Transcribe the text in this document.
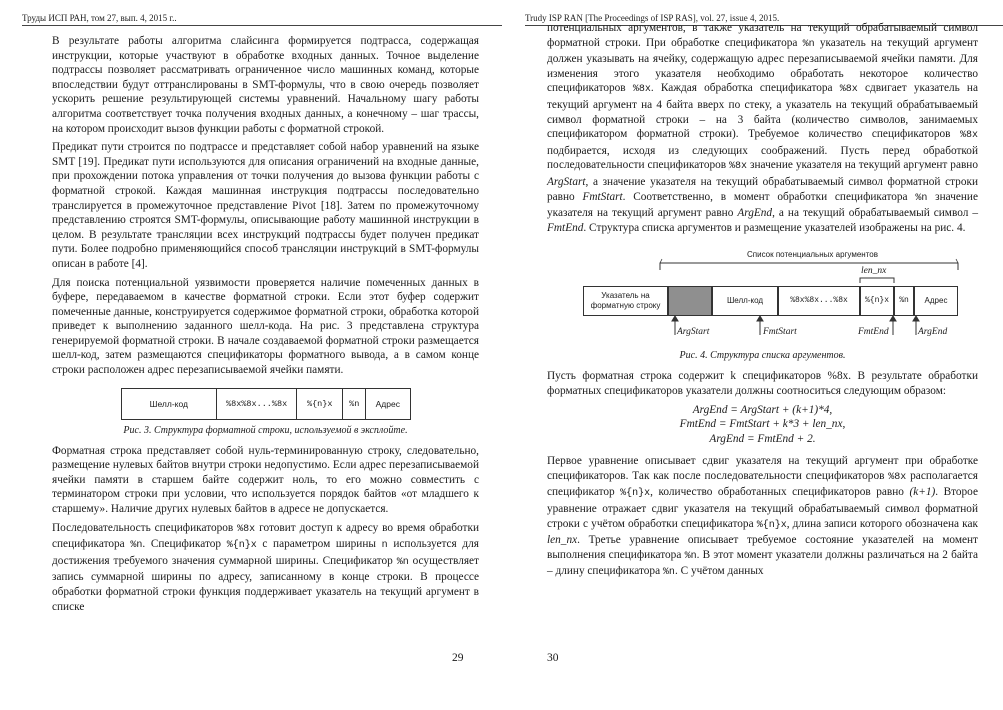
Труды ИСП РАН, том 27, вып. 4, 2015 г..

В результате работы алгоритма слайсинга формируется подтрасса, содержащая инструкции, которые участвуют в обработке входных данных. Точное выделение подтрассы позволяет рассматривать ограниченное число машинных команд, которые впоследствии будут оттранслированы в SMT-формулы, что в свою очередь позволяет ускорить решение результирующей системы уравнений. Начальному шагу работы алгоритма соответствует точка получения входных данных, а конечному – шаг трассы, на котором происходит вызов функции работы с форматной строкой.

Предикат пути строится по подтрассе и представляет собой набор уравнений на языке SMT [19]. Предикат пути используются для описания ограничений на входные данные, при прохождении потока управления от точки получения до вызова функции работы с форматной строкой. Каждая машинная инструкция подтрассы последовательно транслируется в промежуточное представление Pivot [18]. Затем по промежуточному представлению строятся SMT-формулы, описывающие работу машинной инструкции в целом. В результате трансляции всех инструкций подтрассы будет получен предикат пути. Более подробно применяющийся способ трансляции инструкций в SMT-формулы описан в работе [4].

Для поиска потенциальной уязвимости проверяется наличие помеченных данных в буфере, передаваемом в качестве форматной строки. Если этот буфер содержит помеченные данные, конструируется содержимое форматной строки, обработка которой приведет к выполнению заданного шелл-кода. На рис. 3 представлена структура генерируемой форматной строки. В начале создаваемой форматной строки размещается шелл-код, затем размещаются спецификаторы форматного вывода, а в самом конце строки расположен адрес перезаписываемой ячейки памяти.

Шелл-код	%8x%8x...%8x	%{n}x	%n	Адрес
Рис. 3. Структура форматной строки, используемой в эксплойте.

Форматная строка представляет собой нуль-терминированную строку, следовательно, размещение нулевых байтов внутри строки недопустимо. Если адрес перезаписываемой ячейки памяти в старшем байте содержит ноль, то его можно совместить с терминатором строки при условии, что используется порядок байтов «от младшего к старшему». Наличие других нулевых байтов в адресе не допускается.

Последовательность спецификаторов %8x готовит доступ к адресу во время обработки спецификатора %n. Спецификатор %{n}x с параметром ширины n используется для достижения требуемого значения суммарной ширины. Спецификатор %n осуществляет запись суммарной ширины по адресу, записанному в конце строки. В процессе обработки форматной строки функция поддерживает указатель на текущий аргумент в списке

29
Trudy ISP RAN [The Proceedings of ISP RAS], vol. 27, issue 4, 2015.

потенциальных аргументов, в также указатель на текущий обрабатываемый символ форматной строки. При обработке спецификатора %n указатель на текущий аргумент должен указывать на ячейку, содержащую адрес перезаписываемой ячейки памяти. Для изменения этого указателя необходимо обработать некоторое количество спецификаторов %8x. Каждая обработка спецификатора %8x сдвигает указатель на текущий аргумент на 4 байта вверх по стеку, а указатель на текущий обрабатываемый символ форматной строки – на 3 байта (количество символов, занимаемых спецификатором форматной строки). Требуемое количество спецификаторов %8x подбирается, исходя из следующих соображений. Пусть перед обработкой последовательности спецификаторов %8x значение указателя на текущий аргумент равно ArgStart, а значение указателя на текущий обрабатываемый символ форматной строки равно FmtStart. Соответственно, в момент обработки спецификатора %n значение указателя на текущий аргумент равно ArgEnd, а на текущий обрабатываемый символ – FmtEnd. Структура списка аргументов и размещение указателей изображены на рис. 4.

Список потенциальных аргументов
len_nx
Указатель на форматную строку
Шелл-код	%8x%8x...%8x	%{n}x	%n	Адрес
ArgStart	FmtStart	FmtEnd	ArgEnd
Рис. 4. Структура списка аргументов.

Пусть форматная строка содержит k спецификаторов %8x. В результате обработки форматных спецификаторов указатели должны соотноситься следующим образом:

ArgEnd = ArgStart + (k+1)*4,
FmtEnd = FmtStart + k*3 + len_nx,
ArgEnd = FmtEnd + 2.

Первое уравнение описывает сдвиг указателя на текущий аргумент при обработке спецификаторов. Так как после последовательности спецификаторов %8x располагается спецификатор %{n}x, количество обработанных спецификаторов равно (k+1). Второе уравнение отражает сдвиг указателя на текущий обрабатываемый символ форматной строки с учётом обработки спецификатора %{n}x, длина записи которого обозначена как len_nx. Третье уравнение описывает требуемое состояние указателей на момент выполнения спецификатора %n. В этот момент указатели должны различаться на 2 байта – длину спецификатора %n. С учётом данных

30
